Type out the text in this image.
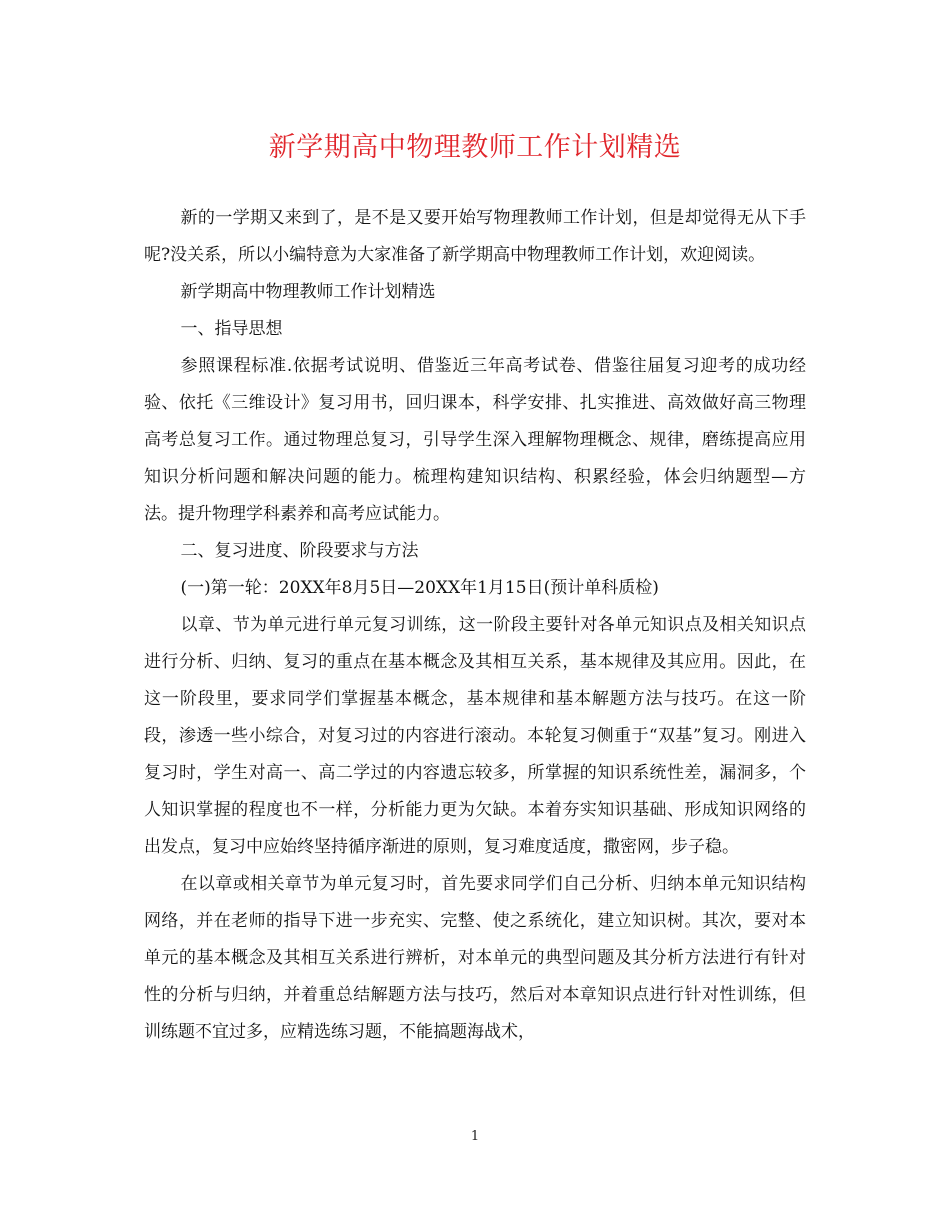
新学期高中物理教师工作计划精选

新的一学期又来到了，是不是又要开始写物理教师工作计划，但是却觉得无从下手呢?没关系，所以小编特意为大家准备了新学期高中物理教师工作计划，欢迎阅读。

新学期高中物理教师工作计划精选

一、指导思想

参照课程标准.依据考试说明、借鉴近三年高考试卷、借鉴往届复习迎考的成功经验、依托《三维设计》复习用书，回归课本，科学安排、扎实推进、高效做好高三物理高考总复习工作。通过物理总复习，引导学生深入理解物理概念、规律，磨练提高应用知识分析问题和解决问题的能力。梳理构建知识结构、积累经验，体会归纳题型—方法。提升物理学科素养和高考应试能力。

二、复习进度、阶段要求与方法

(一)第一轮：20XX年8月5日—20XX年1月15日(预计单科质检)

以章、节为单元进行单元复习训练，这一阶段主要针对各单元知识点及相关知识点进行分析、归纳、复习的重点在基本概念及其相互关系，基本规律及其应用。因此，在这一阶段里，要求同学们掌握基本概念，基本规律和基本解题方法与技巧。在这一阶段，渗透一些小综合，对复习过的内容进行滚动。本轮复习侧重于“双基”复习。刚进入复习时，学生对高一、高二学过的内容遗忘较多，所掌握的知识系统性差，漏洞多，个人知识掌握的程度也不一样，分析能力更为欠缺。本着夯实知识基础、形成知识网络的出发点，复习中应始终坚持循序渐进的原则，复习难度适度，撒密网，步子稳。

在以章或相关章节为单元复习时，首先要求同学们自己分析、归纳本单元知识结构网络，并在老师的指导下进一步充实、完整、使之系统化，建立知识树。其次，要对本单元的基本概念及其相互关系进行辨析，对本单元的典型问题及其分析方法进行有针对性的分析与归纳，并着重总结解题方法与技巧，然后对本章知识点进行针对性训练，但训练题不宜过多，应精选练习题，不能搞题海战术，

1
